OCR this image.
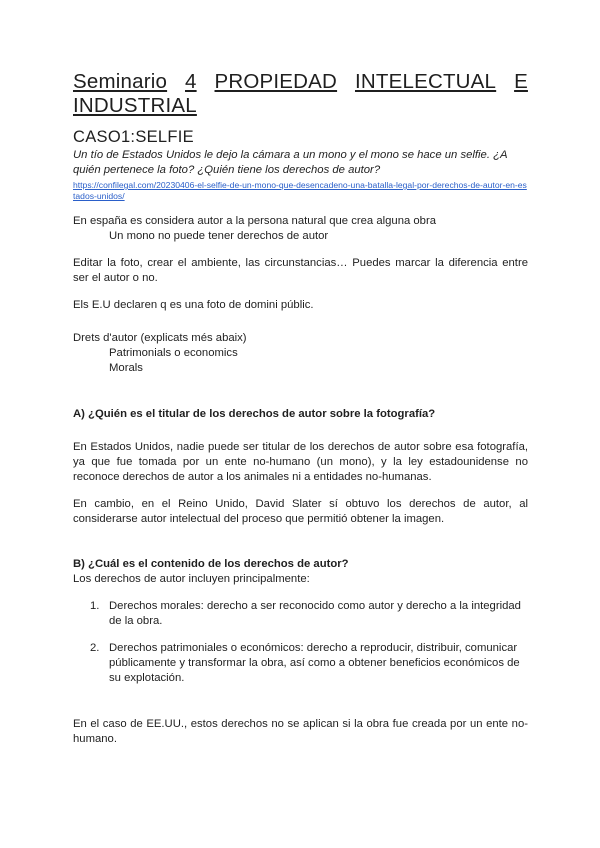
Seminario 4 PROPIEDAD INTELECTUAL E
INDUSTRIAL
CASO1:SELFIE

Un tío de Estados Unidos le dejo la cámara a un mono y el mono se hace un selfie. ¿A quién pertenece la foto? ¿Quién tiene los derechos de autor?

https://confilegal.com/20230406-el-selfie-de-un-mono-que-desencadeno-una-batalla-legal-por-derechos-de-autor-en-estados-unidos/

En españa es considera autor a la persona natural que crea alguna obra

Un mono no puede tener derechos de autor

Editar la foto, crear el ambiente, las circunstancias… Puedes marcar la diferencia entre ser el autor o no.

Els E.U declaren q es una foto de domini públic.

Drets d'autor (explicats més abaix)

Patrimonials o economics

Morals

A) ¿Quién es el titular de los derechos de autor sobre la fotografía?

En Estados Unidos, nadie puede ser titular de los derechos de autor sobre esa fotografía, ya que fue tomada por un ente no-humano (un mono), y la ley estadounidense no reconoce derechos de autor a los animales ni a entidades no-humanas.

En cambio, en el Reino Unido, David Slater sí obtuvo los derechos de autor, al considerarse autor intelectual del proceso que permitió obtener la imagen.

B) ¿Cuál es el contenido de los derechos de autor?

Los derechos de autor incluyen principalmente:

1. Derechos morales: derecho a ser reconocido como autor y derecho a la integridad de la obra.
2. Derechos patrimoniales o económicos: derecho a reproducir, distribuir, comunicar públicamente y transformar la obra, así como a obtener beneficios económicos de su explotación.

En el caso de EE.UU., estos derechos no se aplican si la obra fue creada por un ente no-humano.
